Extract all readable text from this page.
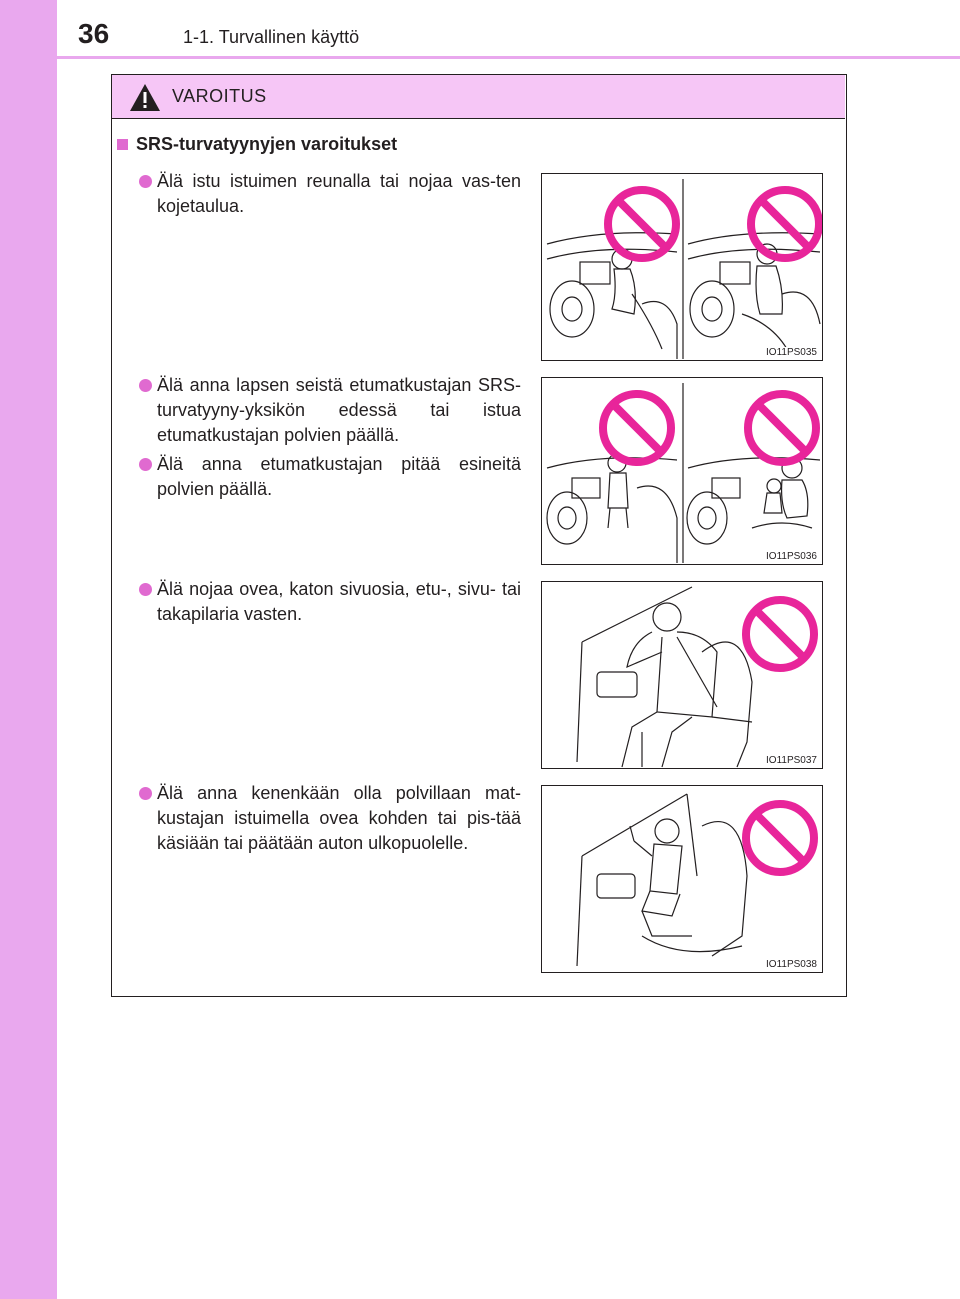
36	1-1. Turvallinen käyttö
VAROITUS
SRS-turvatyynyjen varoitukset
Älä istu istuimen reunalla tai nojaa vas-ten kojetaulua.
Älä anna lapsen seistä etumatkustajan SRS-turvatyyny-yksikön edessä tai istua etumatkustajan polvien päällä.
Älä anna etumatkustajan pitää esineitä polvien päällä.
Älä nojaa ovea, katon sivuosia, etu-, sivu- tai takapilaria vasten.
Älä anna kenenkään olla polvillaan mat-kustajan istuimella ovea kohden tai pis-tää käsiään tai päätään auton ulkopuolelle.
IO11PS035
IO11PS036
IO11PS037
IO11PS038
